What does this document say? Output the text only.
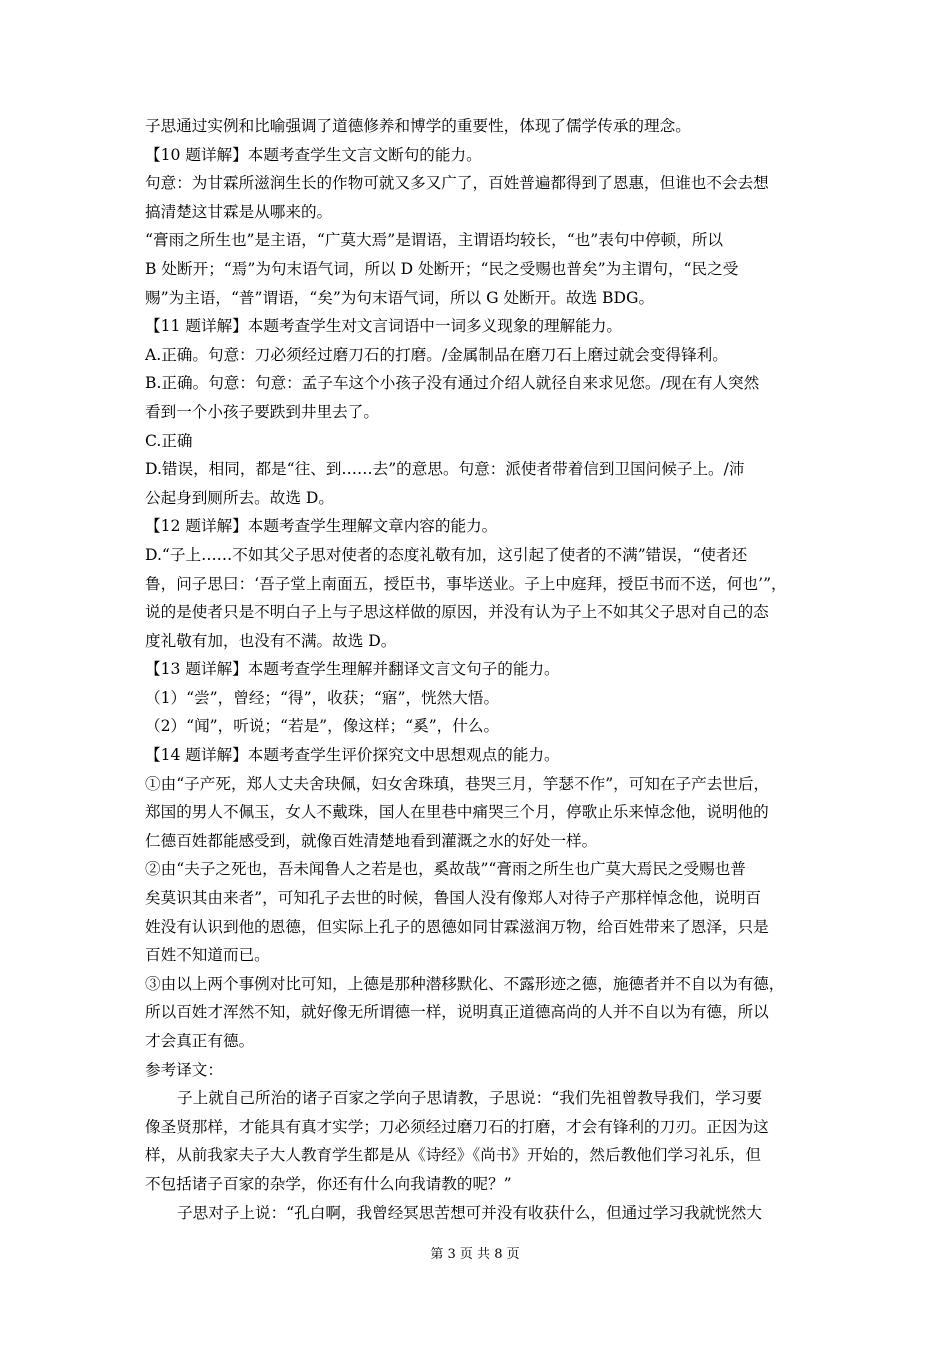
子思通过实例和比喻强调了道德修养和博学的重要性，体现了儒学传承的理念。
【10 题详解】本题考查学生文言文断句的能力。
句意：为甘霖所滋润生长的作物可就又多又广了，百姓普遍都得到了恩惠，但谁也不会去想
搞清楚这甘霖是从哪来的。
“膏雨之所生也”是主语，“广莫大焉”是谓语，主谓语均较长，“也”表句中停顿，所以
B 处断开；“焉”为句末语气词，所以 D 处断开；“民之受赐也普矣”为主谓句，“民之受
赐”为主语，“普”谓语，“矣”为句末语气词，所以 G 处断开。故选 BDG。
【11 题详解】本题考查学生对文言词语中一词多义现象的理解能力。
A.正确。句意：刀必须经过磨刀石的打磨。/金属制品在磨刀石上磨过就会变得锋利。
B.正确。句意：句意：孟子车这个小孩子没有通过介绍人就径自来求见您。/现在有人突然
看到一个小孩子要跌到井里去了。
C.正确
D.错误，相同，都是“往、到……去”的意思。句意：派使者带着信到卫国问候子上。/沛
公起身到厕所去。故选 D。
【12 题详解】本题考查学生理解文章内容的能力。
D.“子上……不如其父子思对使者的态度礼敬有加，这引起了使者的不满”错误，“使者还
鲁，问子思曰：‘吾子堂上南面五，授臣书，事毕送业。子上中庭拜，授臣书而不送，何也’”，
说的是使者只是不明白子上与子思这样做的原因，并没有认为子上不如其父子思对自己的态
度礼敬有加，也没有不满。故选 D。
【13 题详解】本题考查学生理解并翻译文言文句子的能力。
（1）“尝”，曾经；“得”，收获；“寤”，恍然大悟。
（2）“闻”，听说；“若是”，像这样；“奚”，什么。
【14 题详解】本题考查学生评价探究文中思想观点的能力。
①由“子产死，郑人丈夫舍玦佩，妇女舍珠瑱，巷哭三月，竽瑟不作”，可知在子产去世后，
郑国的男人不佩玉，女人不戴珠，国人在里巷中痛哭三个月，停歌止乐来悼念他，说明他的
仁德百姓都能感受到，就像百姓清楚地看到灌溉之水的好处一样。
②由“夫子之死也，吾未闻鲁人之若是也，奚故哉”“膏雨之所生也广莫大焉民之受赐也普
矣莫识其由来者”，可知孔子去世的时候，鲁国人没有像郑人对待子产那样悼念他，说明百
姓没有认识到他的恩德，但实际上孔子的恩德如同甘霖滋润万物，给百姓带来了恩泽，只是
百姓不知道而已。
③由以上两个事例对比可知，上德是那种潜移默化、不露形迹之德，施德者并不自以为有德，
所以百姓才浑然不知，就好像无所谓德一样，说明真正道德高尚的人并不自以为有德，所以
才会真正有德。
参考译文：
子上就自己所治的诸子百家之学向子思请教，子思说：“我们先祖曾教导我们，学习要
像圣贤那样，才能具有真才实学；刀必须经过磨刀石的打磨，才会有锋利的刀刃。正因为这
样，从前我家夫子大人教育学生都是从《诗经》《尚书》开始的，然后教他们学习礼乐，但
不包括诸子百家的杂学，你还有什么向我请教的呢？”
子思对子上说：“孔白啊，我曾经冥思苦想可并没有收获什么，但通过学习我就恍然大
第 3 页 共 8 页
